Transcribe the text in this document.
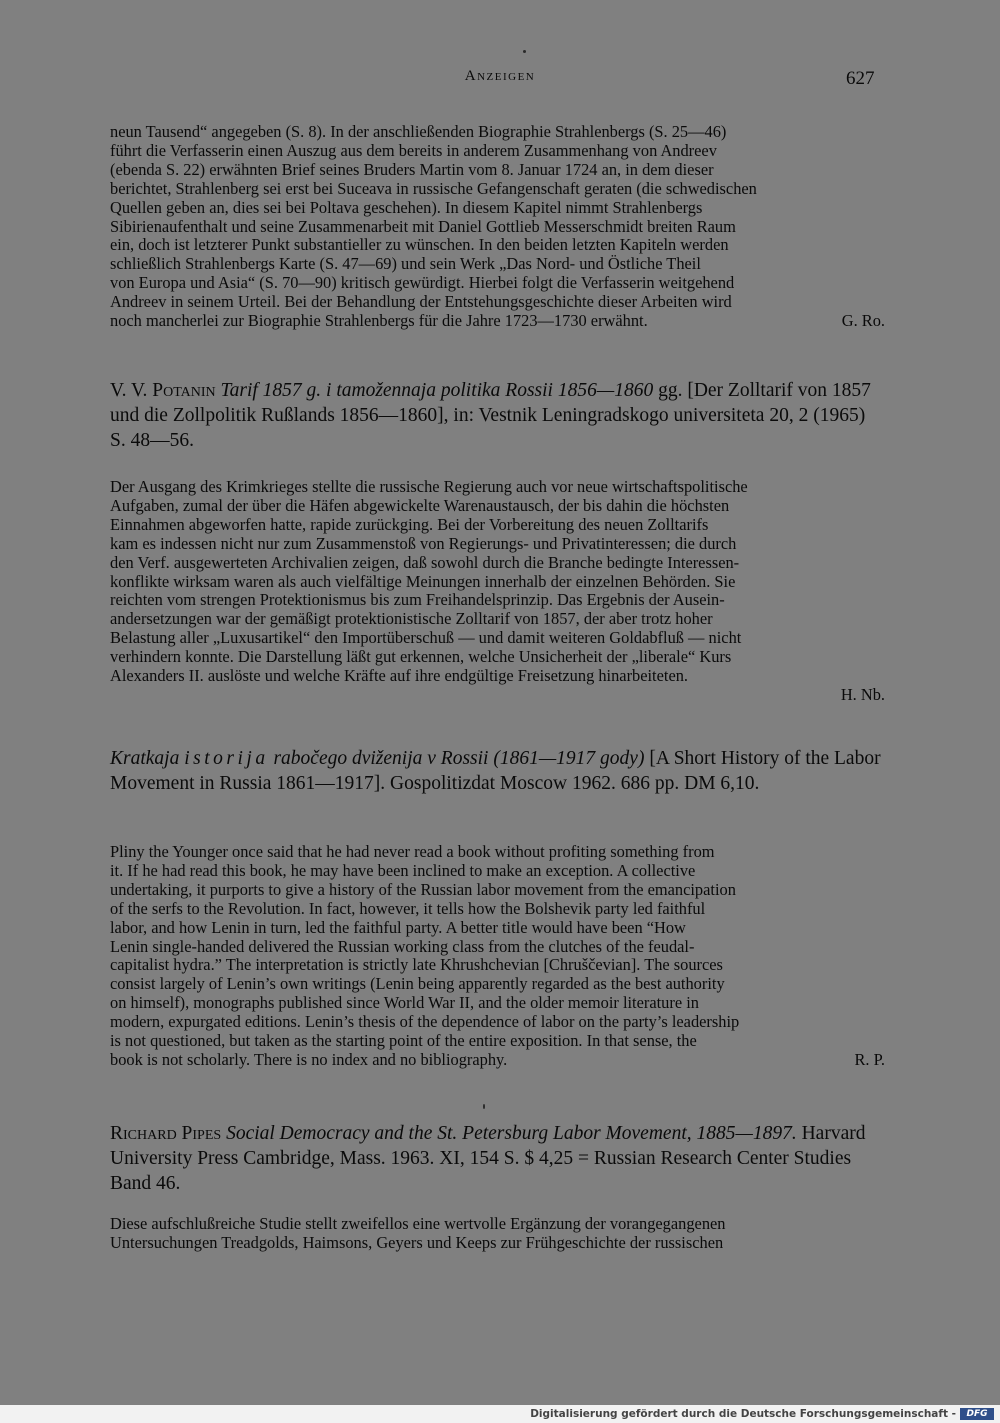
Anzeigen	627
neun Tausend“ angegeben (S. 8). In der anschließenden Biographie Strahlenbergs (S. 25—46)
führt die Verfasserin einen Auszug aus dem bereits in anderem Zusammenhang von Andreev
(ebenda S. 22) erwähnten Brief seines Bruders Martin vom 8. Januar 1724 an, in dem dieser
berichtet, Strahlenberg sei erst bei Suceava in russische Gefangenschaft geraten (die schwedischen
Quellen geben an, dies sei bei Poltava geschehen). In diesem Kapitel nimmt Strahlenbergs
Sibirienaufenthalt und seine Zusammenarbeit mit Daniel Gottlieb Messerschmidt breiten Raum
ein, doch ist letzterer Punkt substantieller zu wünschen. In den beiden letzten Kapiteln werden
schließlich Strahlenbergs Karte (S. 47—69) und sein Werk „Das Nord- und Östliche Theil
von Europa und Asia“ (S. 70—90) kritisch gewürdigt. Hierbei folgt die Verfasserin weitgehend
Andreev in seinem Urteil. Bei der Behandlung der Entstehungsgeschichte dieser Arbeiten wird
noch mancherlei zur Biographie Strahlenbergs für die Jahre 1723—1730 erwähnt.	G. Ro.
V. V. Potanin Tarif 1857 g. i tamožennaja politika Rossii 1856—1860 gg. [Der Zolltarif von 1857 und die Zollpolitik Rußlands 1856—1860], in: Vestnik Leningradskogo universiteta 20, 2 (1965) S. 48—56.
Der Ausgang des Krimkrieges stellte die russische Regierung auch vor neue wirtschaftspolitische
Aufgaben, zumal der über die Häfen abgewickelte Warenaustausch, der bis dahin die höchsten
Einnahmen abgeworfen hatte, rapide zurückging. Bei der Vorbereitung des neuen Zolltarifs
kam es indessen nicht nur zum Zusammenstoß von Regierungs- und Privatinteressen; die durch
den Verf. ausgewerteten Archivalien zeigen, daß sowohl durch die Branche bedingte Interessen-
konflikte wirksam waren als auch vielfältige Meinungen innerhalb der einzelnen Behörden. Sie
reichten vom strengen Protektionismus bis zum Freihandelsprinzip. Das Ergebnis der Ausein-
andersetzungen war der gemäßigt protektionistische Zolltarif von 1857, der aber trotz hoher
Belastung aller „Luxusartikel“ den Importüberschuß — und damit weiteren Goldabfluß — nicht
verhindern konnte. Die Darstellung läßt gut erkennen, welche Unsicherheit der „liberale“ Kurs
Alexanders II. auslöste und welche Kräfte auf ihre endgültige Freisetzung hinarbeiteten.
H. Nb.
Kratkaja istorija rabočego dviženija v Rossii (1861—1917 gody) [A Short History of the Labor Movement in Russia 1861—1917]. Gospolitizdat Moscow 1962. 686 pp. DM 6,10.
Pliny the Younger once said that he had never read a book without profiting something from
it. If he had read this book, he may have been inclined to make an exception. A collective
undertaking, it purports to give a history of the Russian labor movement from the emancipation
of the serfs to the Revolution. In fact, however, it tells how the Bolshevik party led faithful
labor, and how Lenin in turn, led the faithful party. A better title would have been “How
Lenin single-handed delivered the Russian working class from the clutches of the feudal-
capitalist hydra.” The interpretation is strictly late Khrushchevian [Chruščevian]. The sources
consist largely of Lenin’s own writings (Lenin being apparently regarded as the best authority
on himself), monographs published since World War II, and the older memoir literature in
modern, expurgated editions. Lenin’s thesis of the dependence of labor on the party’s leadership
is not questioned, but taken as the starting point of the entire exposition. In that sense, the
book is not scholarly. There is no index and no bibliography.	R. P.
Richard Pipes Social Democracy and the St. Petersburg Labor Movement, 1885—1897. Harvard University Press Cambridge, Mass. 1963. XI, 154 S. $ 4,25 = Russian Research Center Studies Band 46.
Diese aufschlußreiche Studie stellt zweifellos eine wertvolle Ergänzung der vorangegangenen
Untersuchungen Treadgolds, Haimsons, Geyers und Keeps zur Frühgeschichte der russischen
Digitalisierung gefördert durch die Deutsche Forschungsgemeinschaft -	DFG
